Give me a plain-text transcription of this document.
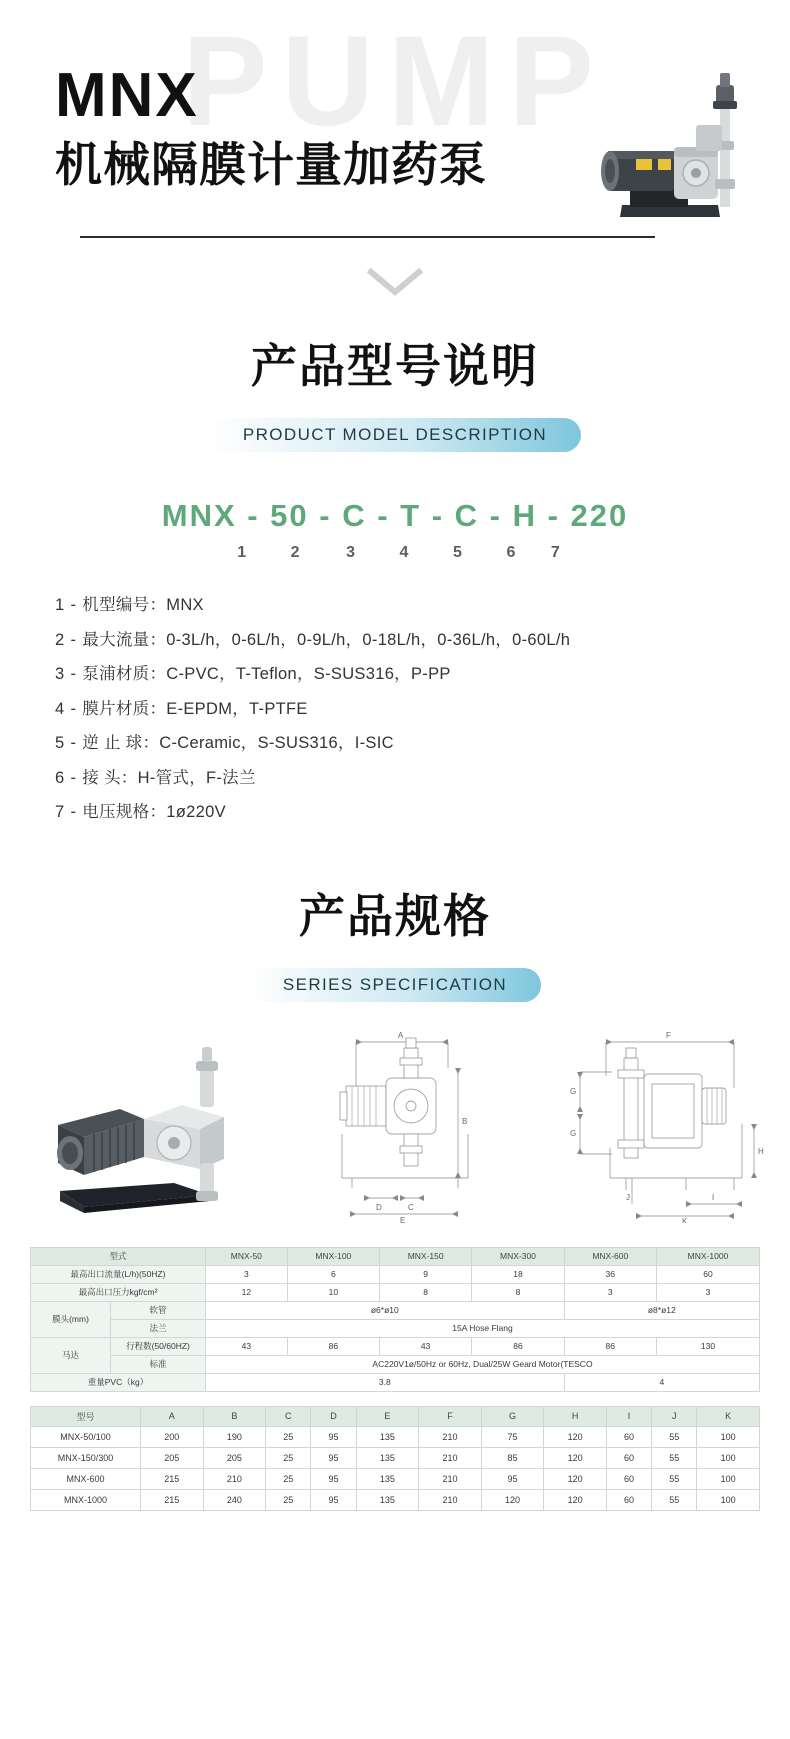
PUMP
MNX
机械隔膜计量加药泵
产品型号说明
PRODUCT MODEL DESCRIPTION
MNX - 50 - C - T - C - H - 220
1	2	3	4	5	6 7
1 - 机型编号：MNX
2 - 最大流量：0-3L/h，0-6L/h，0-9L/h，0-18L/h，0-36L/h，0-60L/h
3 - 泵浦材质：C-PVC，T-Teflon，S-SUS316，P-PP
4 - 膜片材质：E-EPDM，T-PTFE
5 - 逆 止 球：C-Ceramic，S-SUS316，I-SIC
6 - 接 头：H-管式，F-法兰
7 - 电压规格：1ø220V
产品规格
SERIES SPECIFICATION
A
B
D	C
E
F
G
G
H
I
J
K
型式		MNX-50	MNX-100	MNX-150	MNX-300	MNX-600	MNX-1000
最高出口流量(L/h)(50HZ)		3	6	9	18	36	60
最高出口压力kgf/cm²		12	10	8	8	3	3
膜头(mm)	软管	ø6*ø10				ø8*ø12	
	法兰	15A Hose Flang					
马达	行程数(50/60HZ)	43	86	43	86	86	130
	标准	AC220V1ø/50Hz or 60Hz, Dual/25W Geard Motor(TESCO					
重量PVC（kg）		3.8				4	
型号	A	B	C	D	E	F	G	H	I	J	K
MNX-50/100	200	190	25	95	135	210	75	120	60	55	100
MNX-150/300	205	205	25	95	135	210	85	120	60	55	100
MNX-600	215	210	25	95	135	210	95	120	60	55	100
MNX-1000	215	240	25	95	135	210	120	120	60	55	100
